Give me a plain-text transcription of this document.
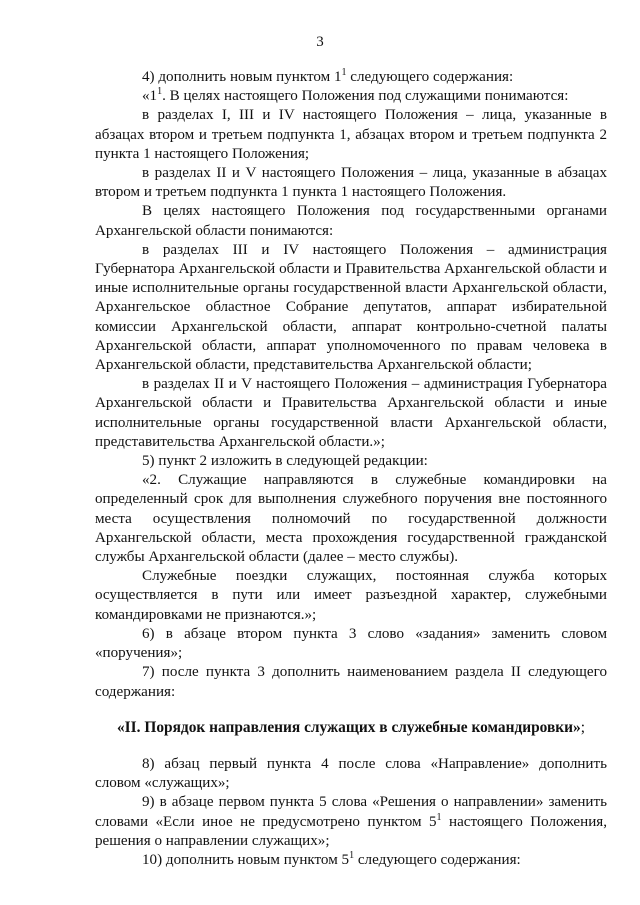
3

4) дополнить новым пунктом $1^1$ следующего содержания:

«$1^1$. В целях настоящего Положения под служащими понимаются:

в разделах I, III и IV настоящего Положения – лица, указанные в абзацах втором и третьем подпункта 1, абзацах втором и третьем подпункта 2 пункта 1 настоящего Положения;

в разделах II и V настоящего Положения – лица, указанные в абзацах втором и третьем подпункта 1 пункта 1 настоящего Положения.

В целях настоящего Положения под государственными органами Архангельской области понимаются:

в разделах III и IV настоящего Положения – администрация Губернатора Архангельской области и Правительства Архангельской области и иные исполнительные органы государственной власти Архангельской области, Архангельское областное Собрание депутатов, аппарат избирательной комиссии Архангельской области, аппарат контрольно-счетной палаты Архангельской области, аппарат уполномоченного по правам человека в Архангельской области, представительства Архангельской области;

в разделах II и V настоящего Положения – администрация Губернатора Архангельской области и Правительства Архангельской области и иные исполнительные органы государственной власти Архангельской области, представительства Архангельской области.»;

5) пункт 2 изложить в следующей редакции:

«2. Служащие направляются в служебные командировки на определенный срок для выполнения служебного поручения вне постоянного места осуществления полномочий по государственной должности Архангельской области, места прохождения государственной гражданской службы Архангельской области (далее – место службы).

Служебные поездки служащих, постоянная служба которых осуществляется в пути или имеет разъездной характер, служебными командировками не признаются.»;

6) в абзаце втором пункта 3 слово «задания» заменить словом «поручения»;

7) после пункта 3 дополнить наименованием раздела II следующего содержания:

«II. Порядок направления служащих в служебные командировки»;

8) абзац первый пункта 4 после слова «Направление» дополнить словом «служащих»;

9) в абзаце первом пункта 5 слова «Решения о направлении» заменить словами «Если иное не предусмотрено пунктом $5^1$ настоящего Положения, решения о направлении служащих»;

10) дополнить новым пунктом $5^1$ следующего содержания:
